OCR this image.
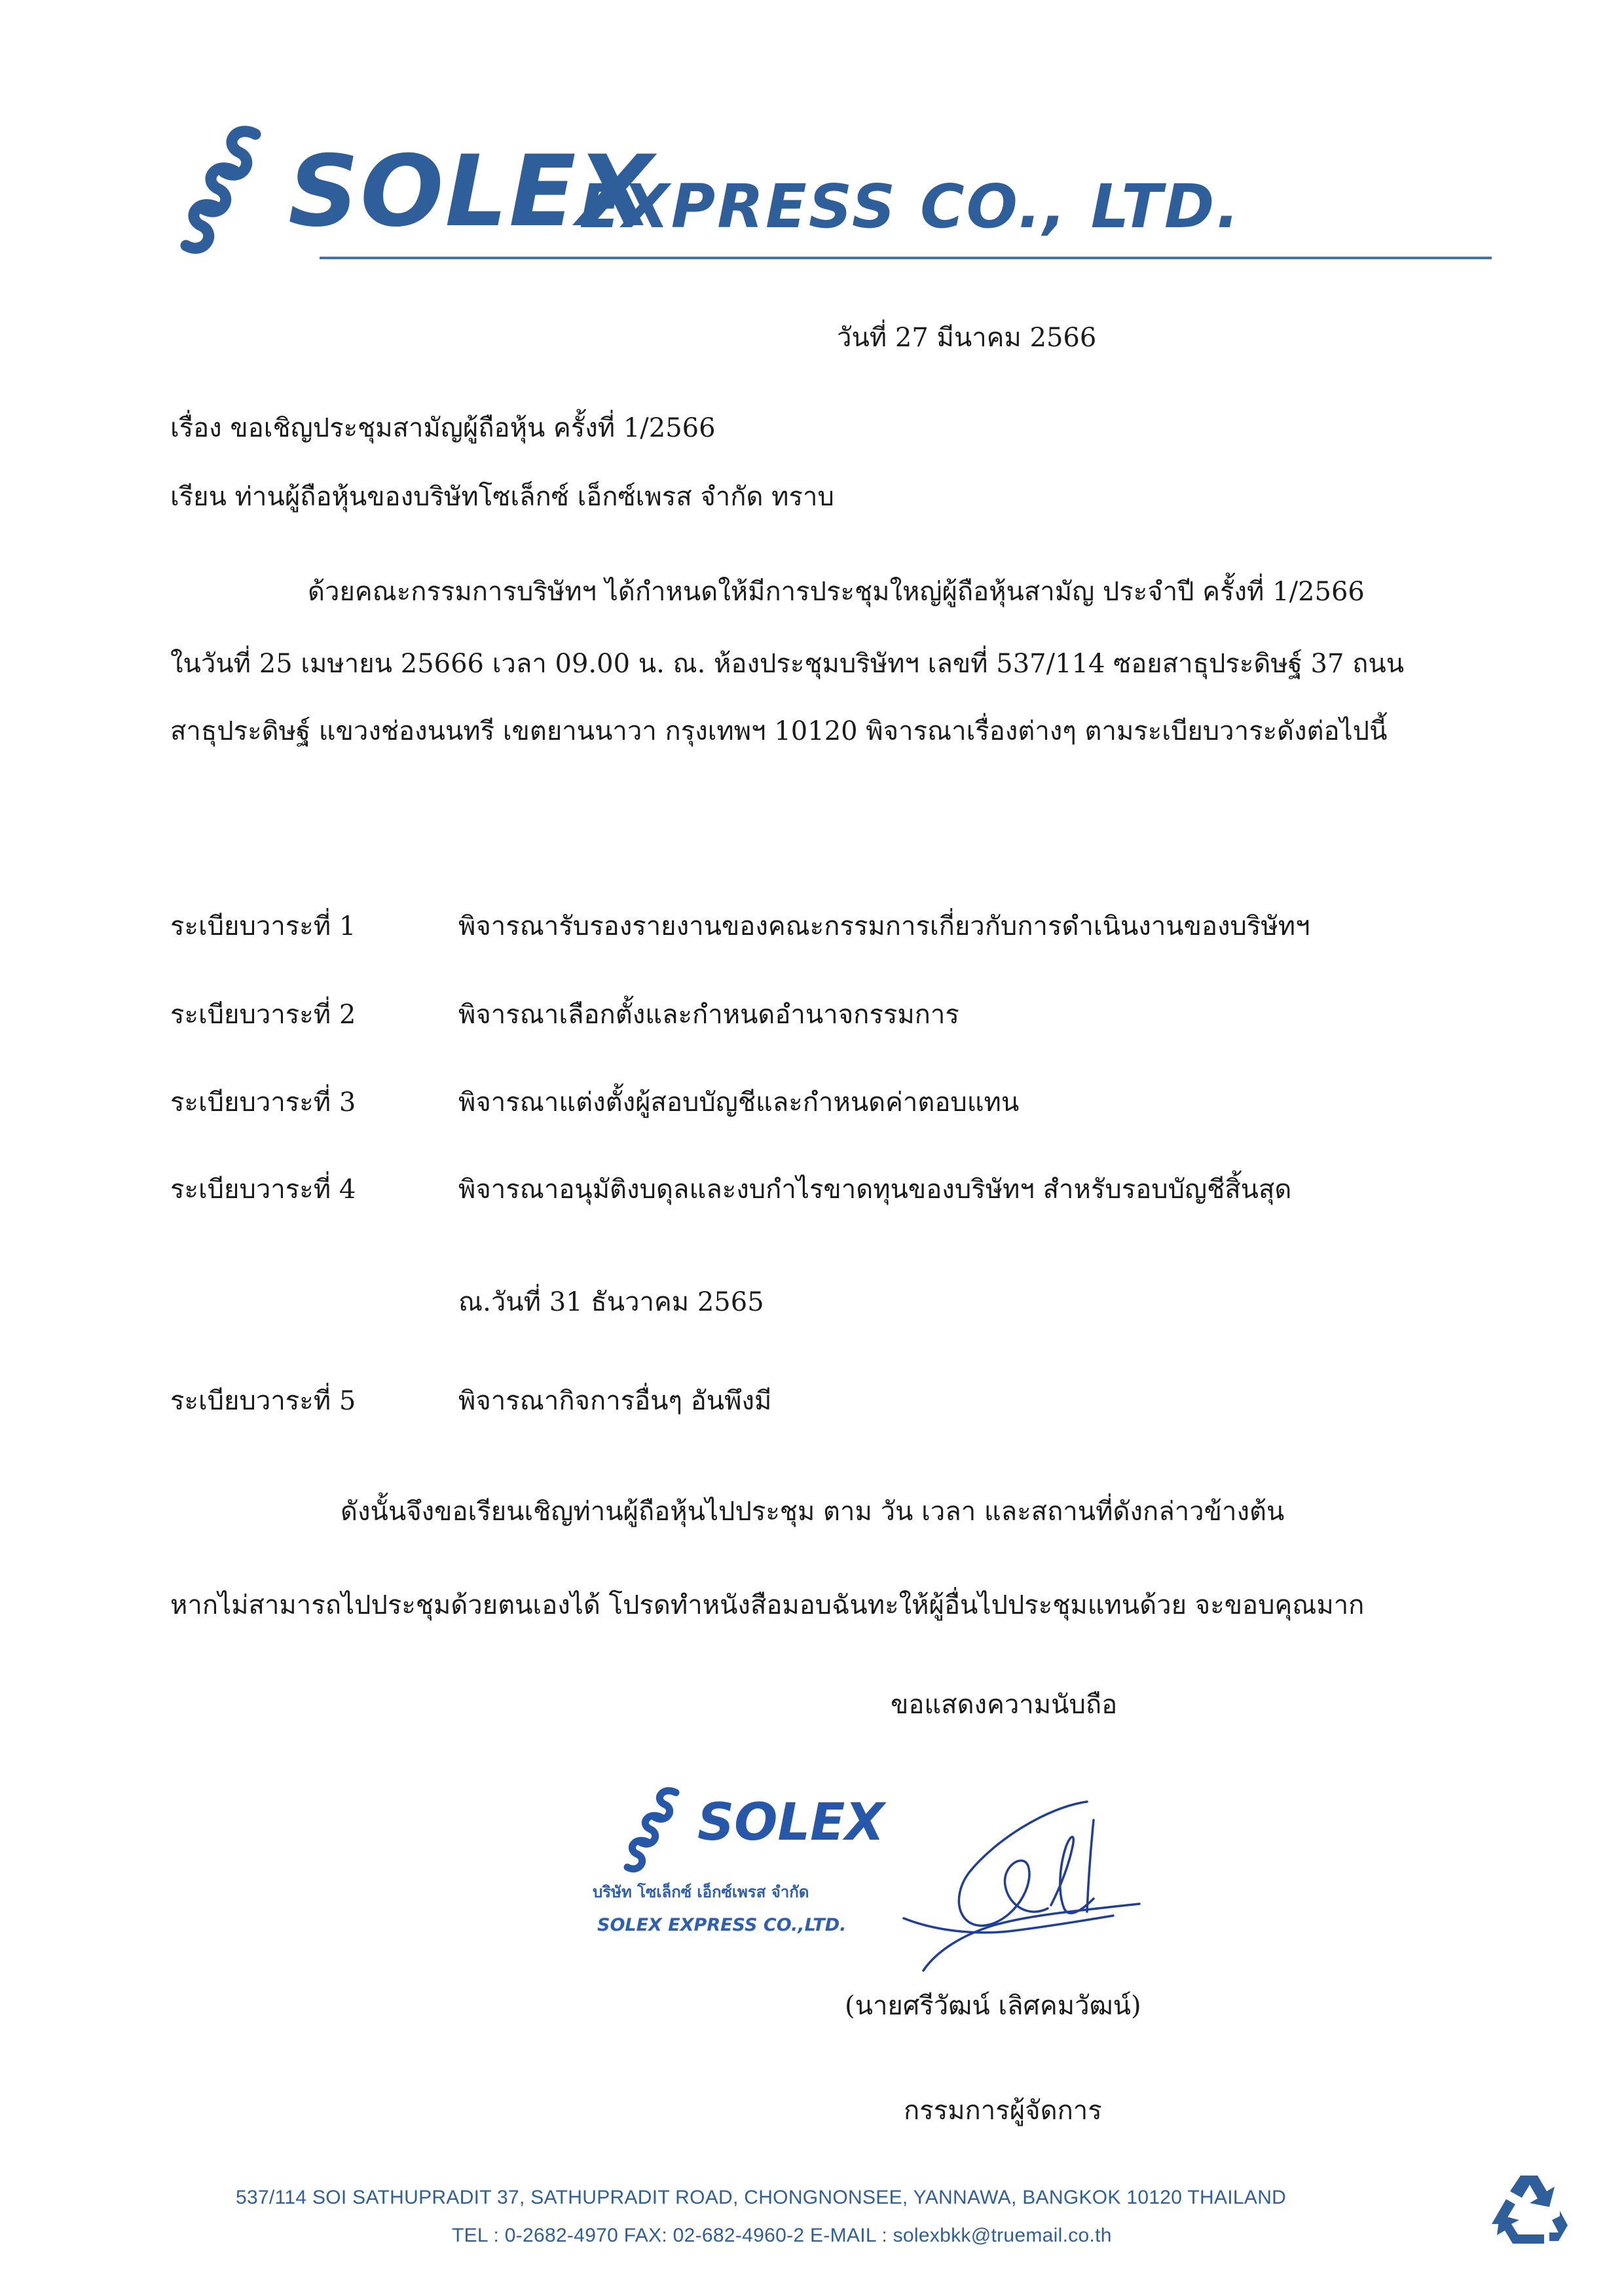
SOLEX
EXPRESS CO., LTD.
วันที่ 27 มีนาคม 2566
เรื่อง ขอเชิญประชุมสามัญผู้ถือหุ้น ครั้งที่ 1/2566
เรียน ท่านผู้ถือหุ้นของบริษัทโซเล็กซ์ เอ็กซ์เพรส จำกัด ทราบ
ด้วยคณะกรรมการบริษัทฯ ได้กำหนดให้มีการประชุมใหญ่ผู้ถือหุ้นสามัญ ประจำปี ครั้งที่ 1/2566
ในวันที่ 25 เมษายน 25666 เวลา 09.00 น. ณ. ห้องประชุมบริษัทฯ เลขที่ 537/114 ซอยสาธุประดิษฐ์ 37 ถนน
สาธุประดิษฐ์ แขวงช่องนนทรี เขตยานนาวา กรุงเทพฯ 10120 พิจารณาเรื่องต่างๆ ตามระเบียบวาระดังต่อไปนี้
ระเบียบวาระที่ 1	พิจารณารับรองรายงานของคณะกรรมการเกี่ยวกับการดำเนินงานของบริษัทฯ
ระเบียบวาระที่ 2	พิจารณาเลือกตั้งและกำหนดอำนาจกรรมการ
ระเบียบวาระที่ 3	พิจารณาแต่งตั้งผู้สอบบัญชีและกำหนดค่าตอบแทน
ระเบียบวาระที่ 4	พิจารณาอนุมัติงบดุลและงบกำไรขาดทุนของบริษัทฯ สำหรับรอบบัญชีสิ้นสุด
ณ.วันที่ 31 ธันวาคม 2565
ระเบียบวาระที่ 5	พิจารณากิจการอื่นๆ อันพึงมี
ดังนั้นจึงขอเรียนเชิญท่านผู้ถือหุ้นไปประชุม ตาม วัน เวลา และสถานที่ดังกล่าวข้างต้น
หากไม่สามารถไปประชุมด้วยตนเองได้ โปรดทำหนังสือมอบฉันทะให้ผู้อื่นไปประชุมแทนด้วย จะขอบคุณมาก
ขอแสดงความนับถือ
SOLEX
บริษัท โซเล็กซ์ เอ็กซ์เพรส จำกัด
SOLEX EXPRESS CO.,LTD.
(นายศรีวัฒน์ เลิศคมวัฒน์)
กรรมการผู้จัดการ
537/114 SOI SATHUPRADIT 37, SATHUPRADIT ROAD, CHONGNONSEE, YANNAWA, BANGKOK 10120 THAILAND
TEL : 0-2682-4970 FAX: 02-682-4960-2 E-MAIL : solexbkk@truemail.co.th
